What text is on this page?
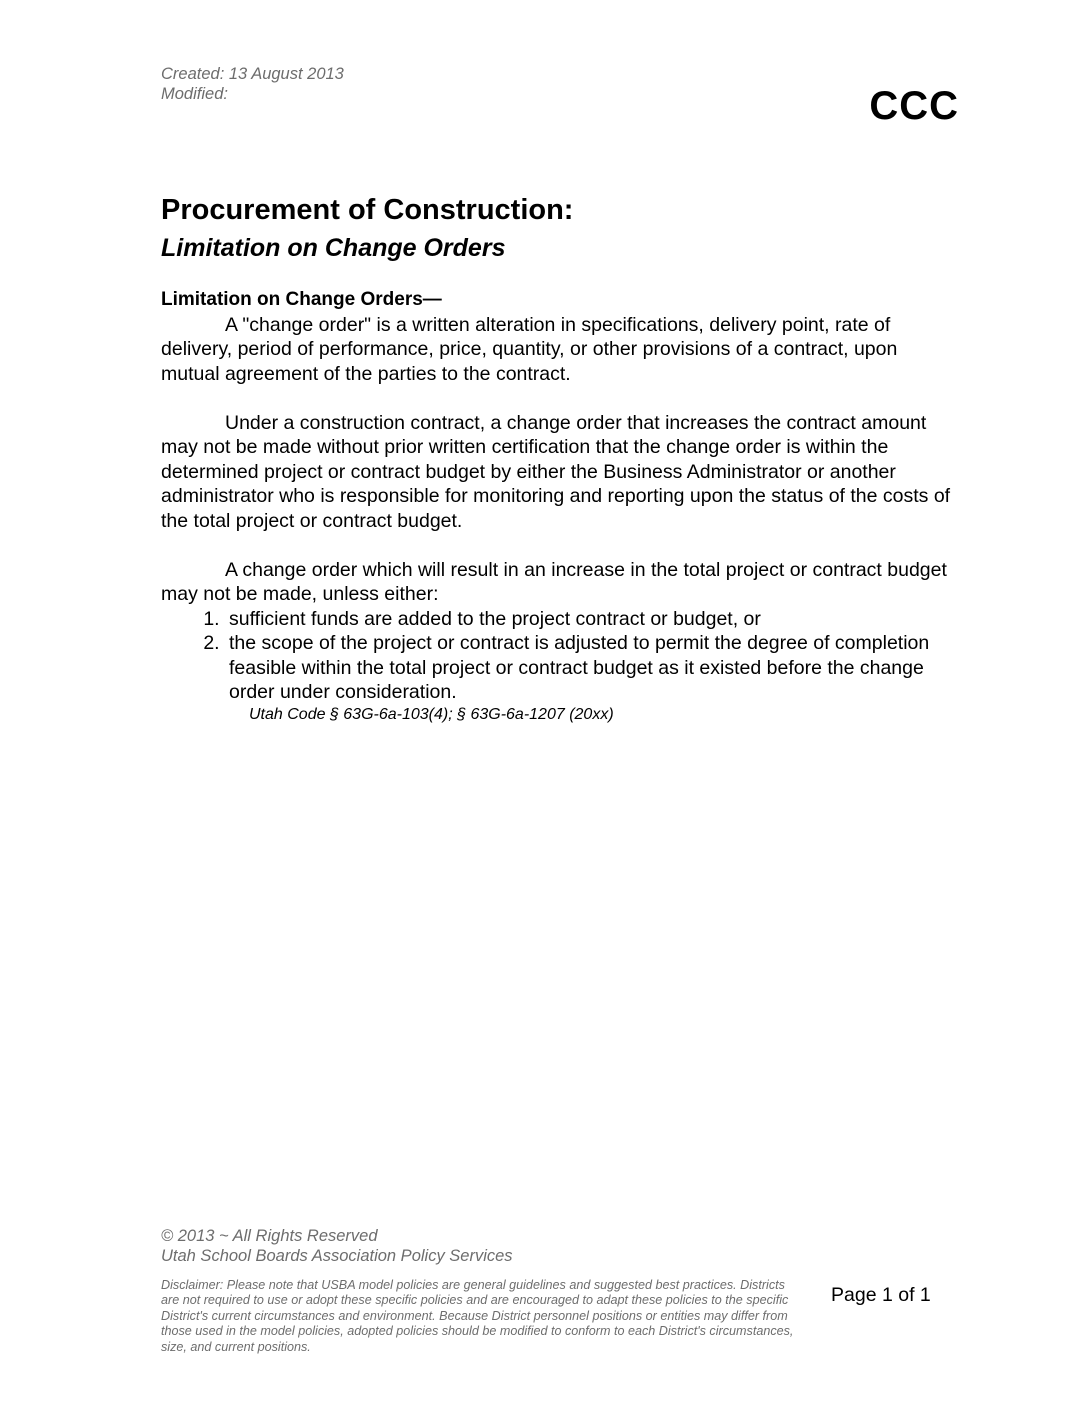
Created: 13 August 2013
Modified:	CCC
Procurement of Construction:
Limitation on Change Orders

Limitation on Change Orders—

A "change order" is a written alteration in specifications, delivery point, rate of delivery, period of performance, price, quantity, or other provisions of a contract, upon mutual agreement of the parties to the contract.

Under a construction contract, a change order that increases the contract amount may not be made without prior written certification that the change order is within the determined project or contract budget by either the Business Administrator or another administrator who is responsible for monitoring and reporting upon the status of the costs of the total project or contract budget.

A change order which will result in an increase in the total project or contract budget may not be made, unless either:

1. sufficient funds are added to the project contract or budget, or
2. the scope of the project or contract is adjusted to permit the degree of completion feasible within the total project or contract budget as it existed before the change order under consideration.
Utah Code § 63G-6a-103(4); § 63G-6a-1207 (20xx)
© 2013 ~ All Rights Reserved
Utah School Boards Association Policy Services
Disclaimer: Please note that USBA model policies are general guidelines and suggested best practices. Districts are not required to use or adopt these specific policies and are encouraged to adapt these policies to the specific District's current circumstances and environment. Because District personnel positions or entities may differ from those used in the model policies, adopted policies should be modified to conform to each District's circumstances, size, and current positions.
Page 1 of 1
